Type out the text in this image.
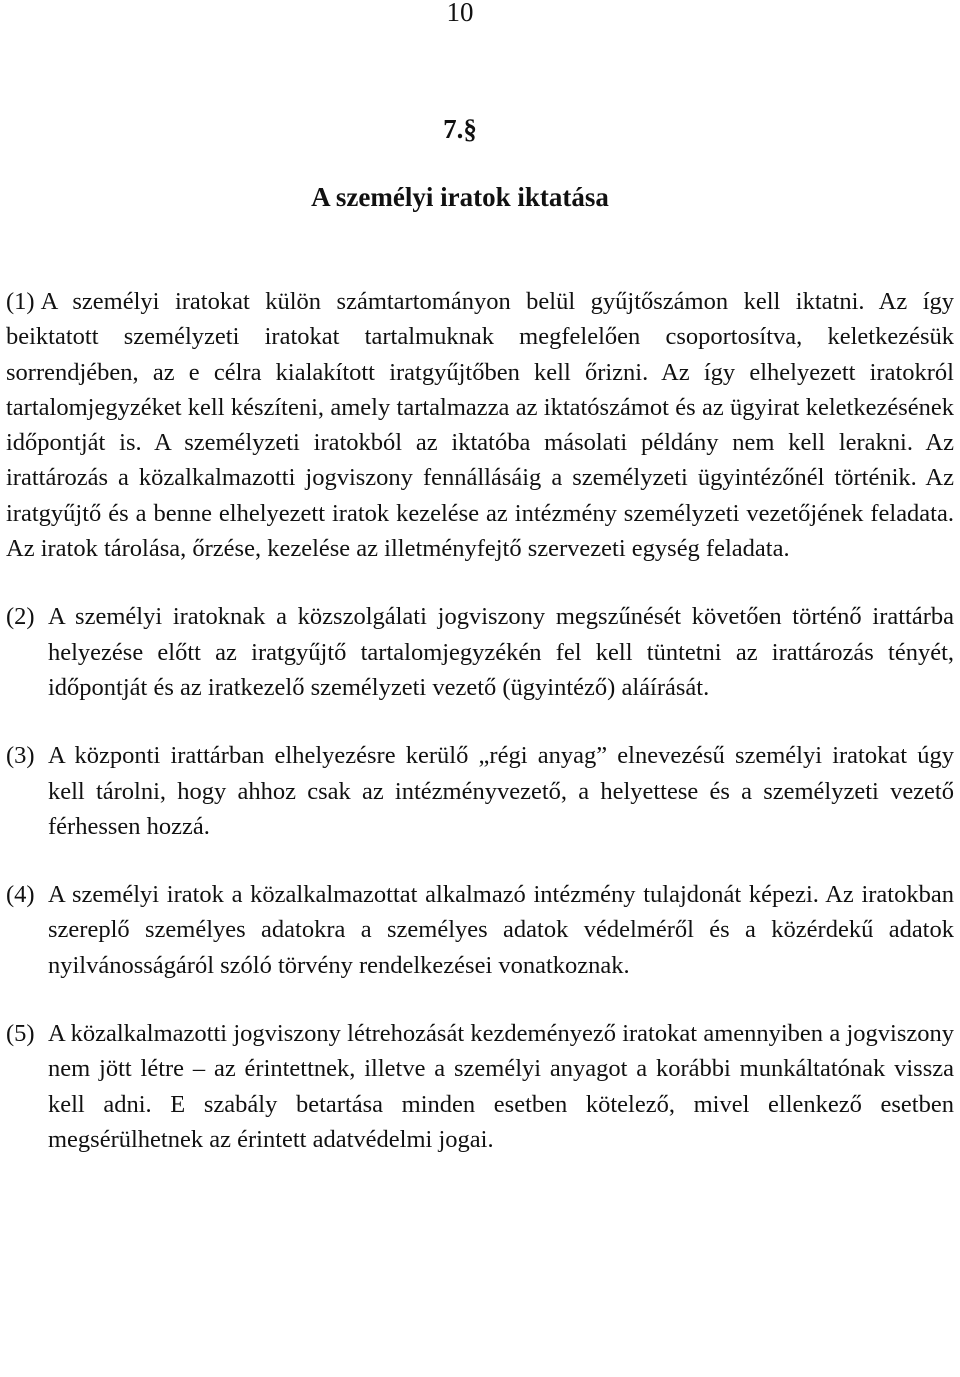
10
7.§
A személyi iratok iktatása

(1) A személyi iratokat külön számtartományon belül gyűjtőszámon kell iktatni. Az így beiktatott személyzeti iratokat tartalmuknak megfelelően csoportosítva, keletkezésük sorrendjében, az e célra kialakított iratgyűjtőben kell őrizni. Az így elhelyezett iratokról tartalomjegyzéket kell készíteni, amely tartalmazza az iktatószámot és az ügyirat keletkezésének időpontját is. A személyzeti iratokból az iktatóba másolati példány nem kell lerakni. Az irattározás a közalkalmazotti jogviszony fennállásáig a személyzeti ügyintézőnél történik. Az iratgyűjtő és a benne elhelyezett iratok kezelése az intézmény személyzeti vezetőjének feladata. Az iratok tárolása, őrzése, kezelése az illetményfejtő szervezeti egység feladata.

(2) A személyi iratoknak a közszolgálati jogviszony megszűnését követően történő irattárba helyezése előtt az iratgyűjtő tartalomjegyzékén fel kell tüntetni az irattározás tényét, időpontját és az iratkezelő személyzeti vezető (ügyintéző) aláírását.

(3) A központi irattárban elhelyezésre kerülő „régi anyag” elnevezésű személyi iratokat úgy kell tárolni, hogy ahhoz csak az intézményvezető, a helyettese és a személyzeti vezető férhessen hozzá.

(4) A személyi iratok a közalkalmazottat alkalmazó intézmény tulajdonát képezi. Az iratokban szereplő személyes adatokra a személyes adatok védelméről és a közérdekű adatok nyilvánosságáról szóló törvény rendelkezései vonatkoznak.

(5) A közalkalmazotti jogviszony létrehozását kezdeményező iratokat amennyiben a jogviszony nem jött létre – az érintettnek, illetve a személyi anyagot a korábbi munkáltatónak vissza kell adni. E szabály betartása minden esetben kötelező, mivel ellenkező esetben megsérülhetnek az érintett adatvédelmi jogai.
